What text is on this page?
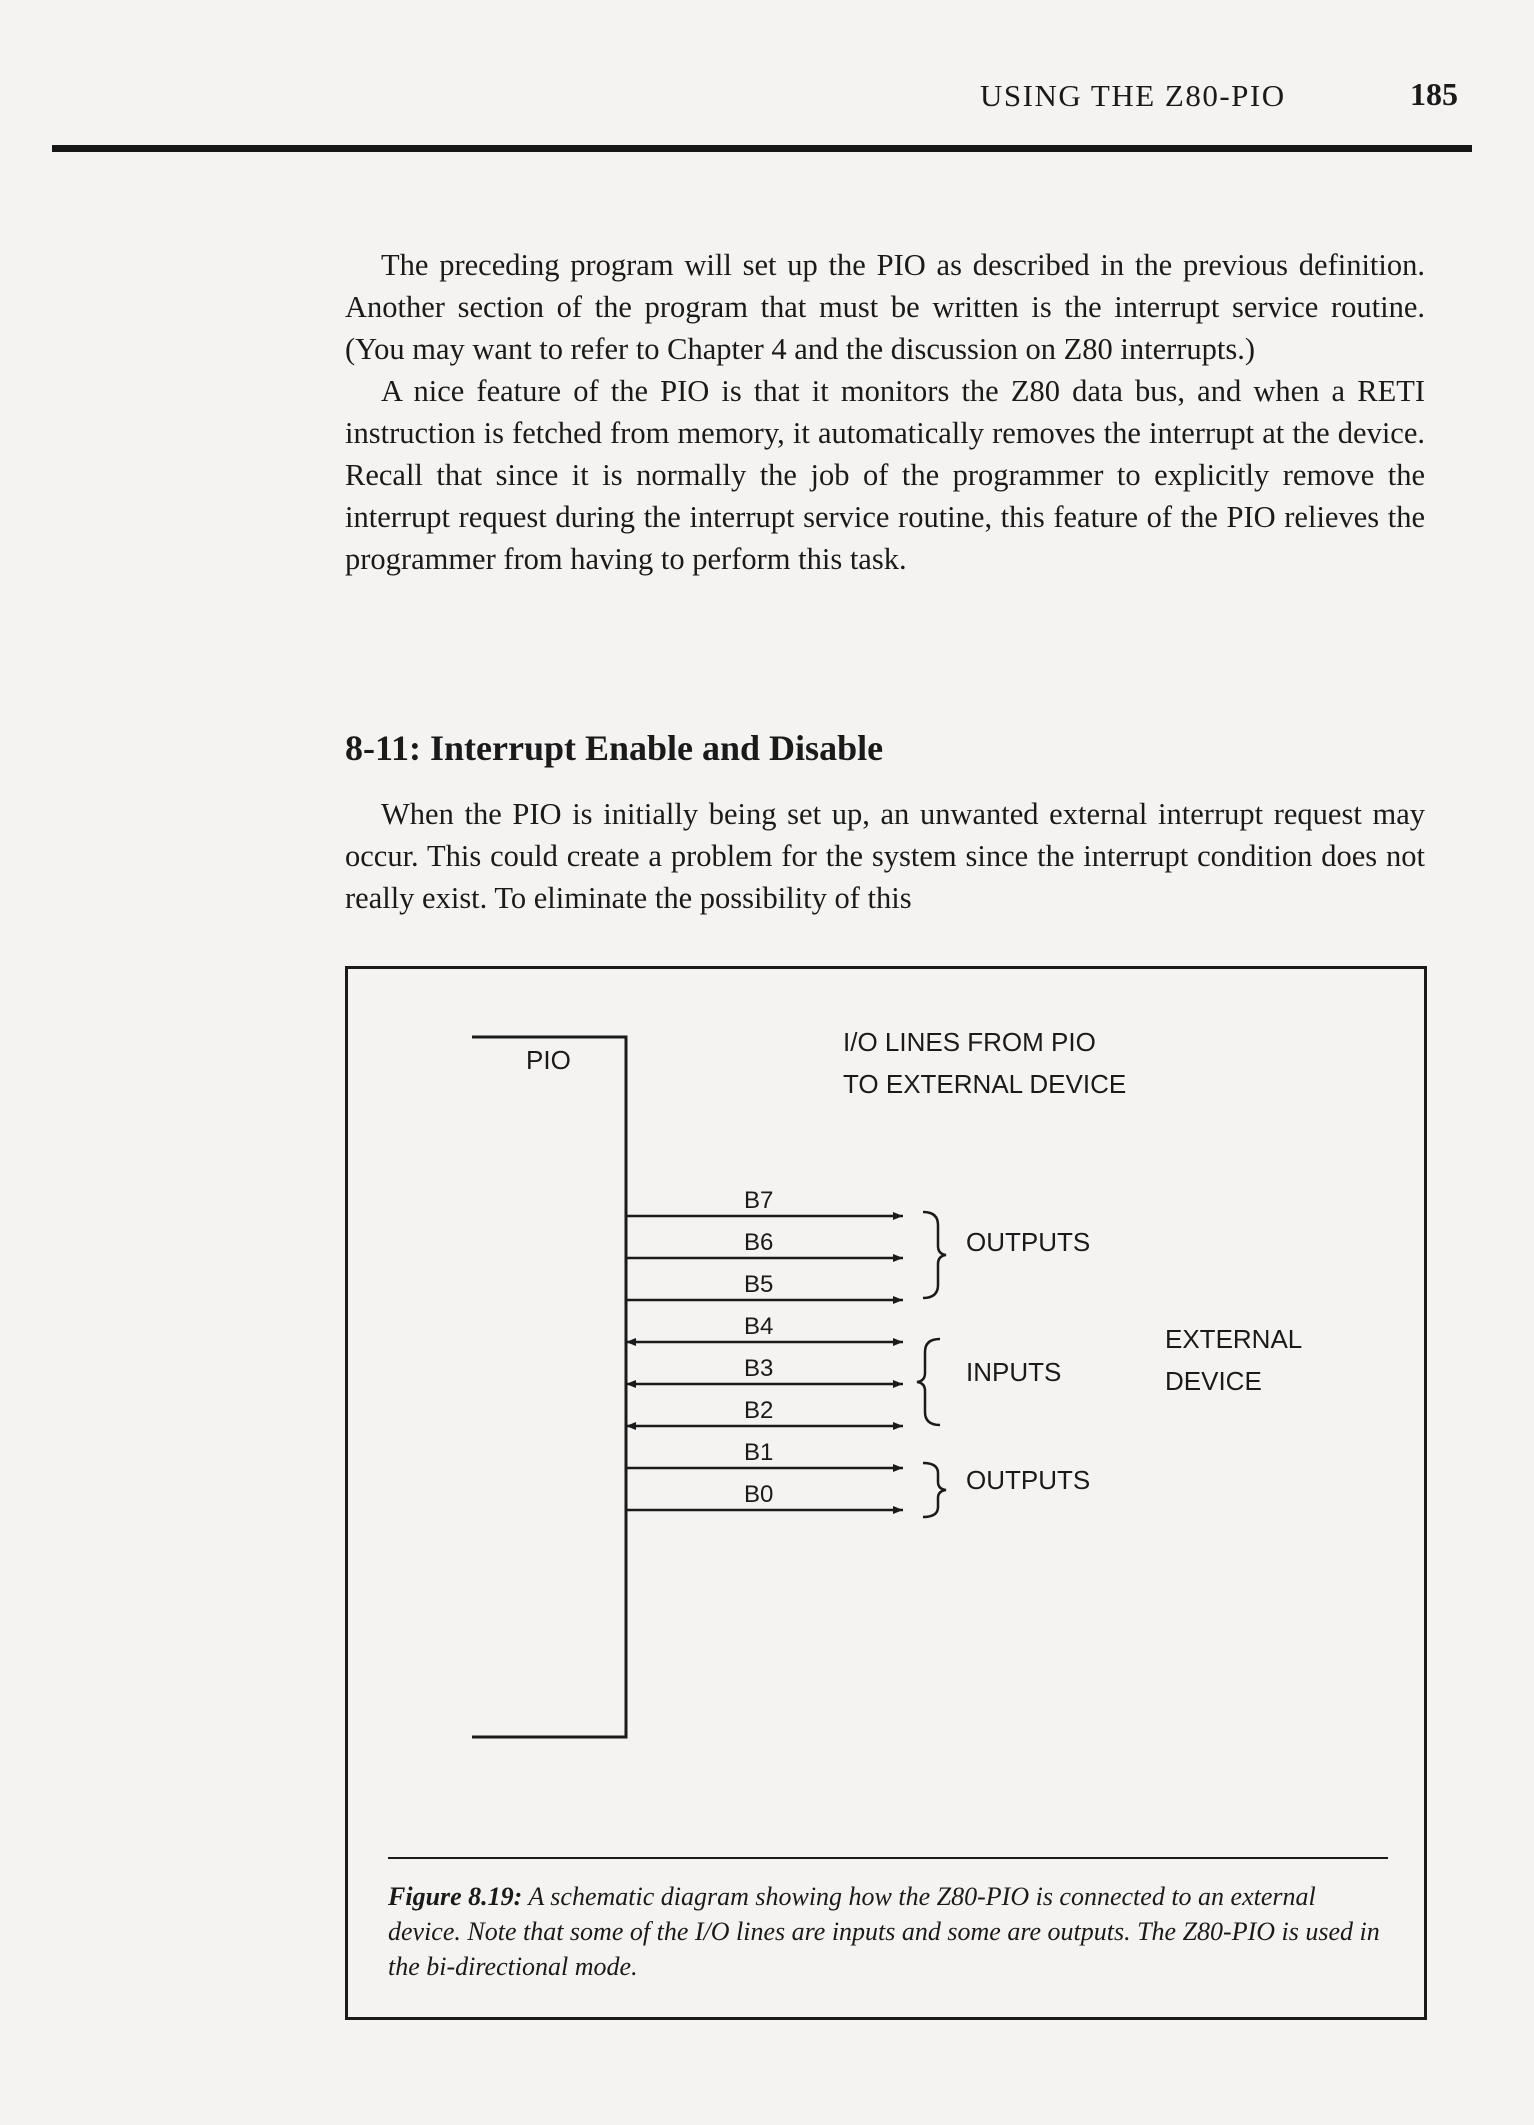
USING THE Z80-PIO	185

The preceding program will set up the PIO as described in the previous definition. Another section of the program that must be written is the interrupt service routine. (You may want to refer to Chapter 4 and the discussion on Z80 interrupts.)

A nice feature of the PIO is that it monitors the Z80 data bus, and when a RETI instruction is fetched from memory, it automatically removes the interrupt at the device. Recall that since it is normally the job of the programmer to explicitly remove the interrupt request during the interrupt service routine, this feature of the PIO relieves the programmer from having to perform this task.

8-11: Interrupt Enable and Disable

When the PIO is initially being set up, an unwanted external interrupt request may occur. This could create a problem for the system since the interrupt condition does not really exist. To eliminate the possibility of this

PIO
I/O LINES FROM PIO
TO EXTERNAL DEVICE
B7
B6
B5
B4
B3
B2
B1
B0
OUTPUTS
INPUTS
OUTPUTS
EXTERNAL
DEVICE

Figure 8.19: A schematic diagram showing how the Z80-PIO is connected to an external device. Note that some of the I/O lines are inputs and some are outputs. The Z80-PIO is used in the bi-directional mode.
